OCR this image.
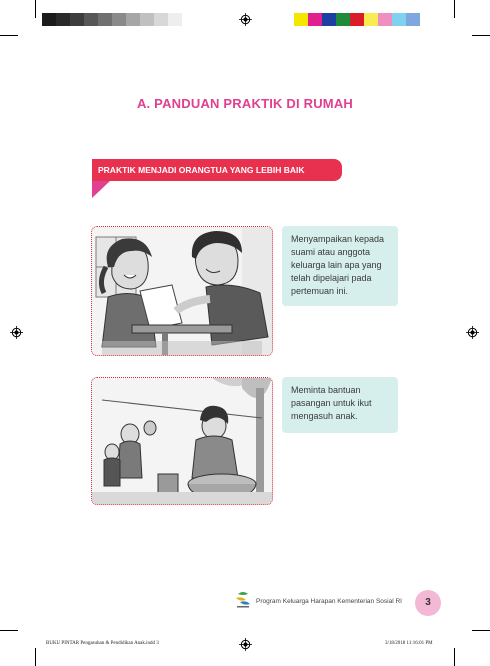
A. PANDUAN PRAKTIK DI RUMAH
PRAKTIK MENJADI ORANGTUA YANG LEBIH BAIK
Menyampaikan kepada suami atau anggota keluarga lain apa yang telah dipelajari pada pertemuan ini.
Meminta bantuan pasangan untuk ikut mengasuh anak.
Program Keluarga Harapan Kementerian Sosial RI	3
BUKU PINTAR Pengasuhan & Pendidikan Anak.indd 3	3/18/2018 11:16:01 PM
